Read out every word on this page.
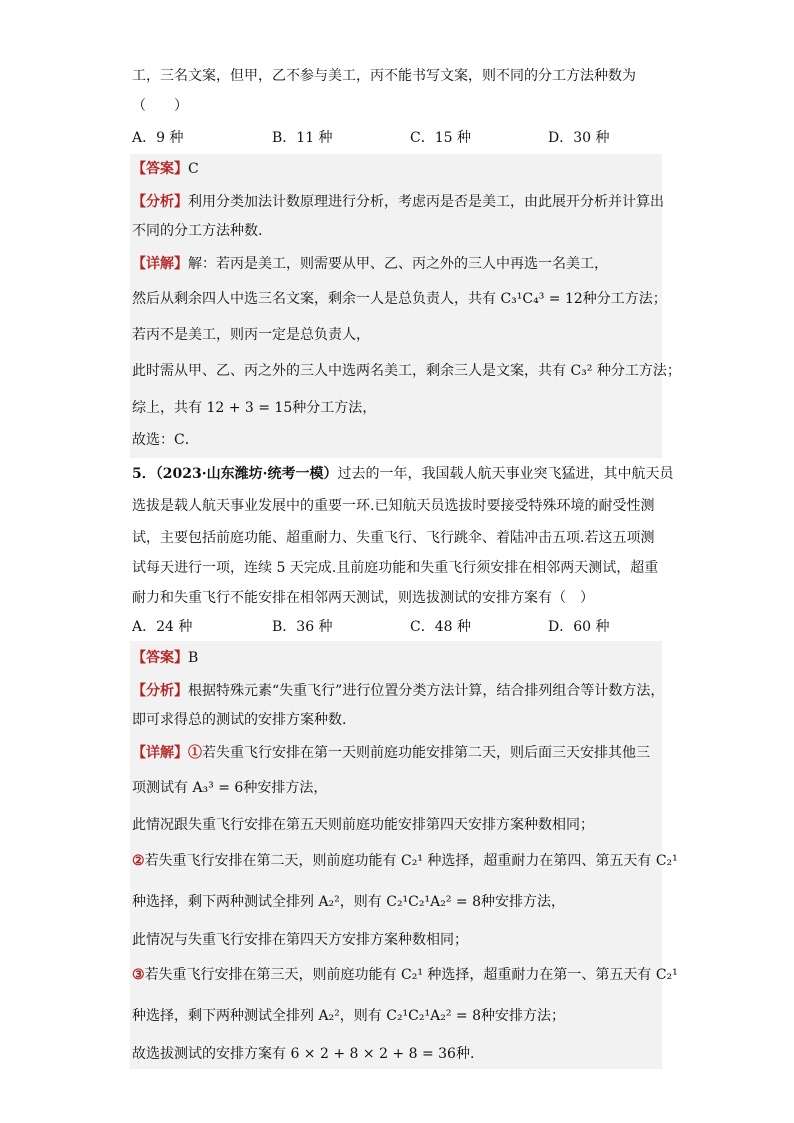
工，三名文案，但甲，乙不参与美工，丙不能书写文案，则不同的分工方法种数为
（　　）
A．9 种	B．11 种	C．15 种	D．30 种
【答案】C
【分析】利用分类加法计数原理进行分析，考虑丙是否是美工，由此展开分析并计算出
不同的分工方法种数.
【详解】解：若丙是美工，则需要从甲、乙、丙之外的三人中再选一名美工，
然后从剩余四人中选三名文案，剩余一人是总负责人，共有 C₃¹C₄³ = 12种分工方法；
若丙不是美工，则丙一定是总负责人，
此时需从甲、乙、丙之外的三人中选两名美工，剩余三人是文案，共有 C₃² 种分工方法；
综上，共有 12 + 3 = 15种分工方法，
故选：C．
5．（2023·山东潍坊·统考一模）过去的一年，我国载人航天事业突飞猛进，其中航天员
选拔是载人航天事业发展中的重要一环.已知航天员选拔时要接受特殊环境的耐受性测
试，主要包括前庭功能、超重耐力、失重飞行、飞行跳伞、着陆冲击五项.若这五项测
试每天进行一项，连续 5 天完成.且前庭功能和失重飞行须安排在相邻两天测试，超重
耐力和失重飞行不能安排在相邻两天测试，则选拔测试的安排方案有（　）
A．24 种	B．36 种	C．48 种	D．60 种
【答案】B
【分析】根据特殊元素“失重飞行”进行位置分类方法计算，结合排列组合等计数方法，
即可求得总的测试的安排方案种数.
【详解】①若失重飞行安排在第一天则前庭功能安排第二天，则后面三天安排其他三
项测试有 A₃³ = 6种安排方法，
此情况跟失重飞行安排在第五天则前庭功能安排第四天安排方案种数相同；
②若失重飞行安排在第二天，则前庭功能有 C₂¹ 种选择，超重耐力在第四、第五天有 C₂¹
种选择，剩下两种测试全排列 A₂²，则有 C₂¹C₂¹A₂² = 8种安排方法，
此情况与失重飞行安排在第四天方安排方案种数相同；
③若失重飞行安排在第三天，则前庭功能有 C₂¹ 种选择，超重耐力在第一、第五天有 C₂¹
种选择，剩下两种测试全排列 A₂²，则有 C₂¹C₂¹A₂² = 8种安排方法；
故选拔测试的安排方案有 6 × 2 + 8 × 2 + 8 = 36种.
